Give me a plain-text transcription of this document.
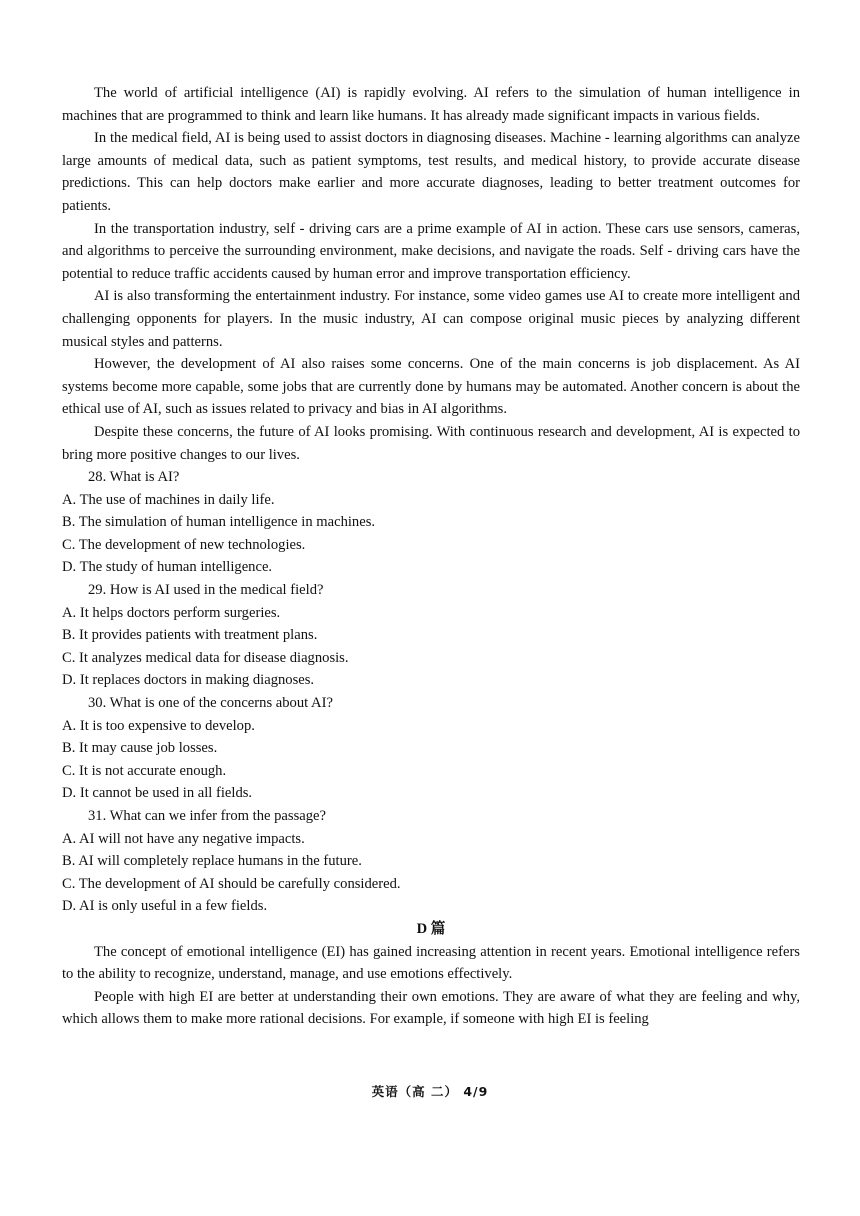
The world of artificial intelligence (AI) is rapidly evolving. AI refers to the simulation of human intelligence in machines that are programmed to think and learn like humans. It has already made significant impacts in various fields.

In the medical field, AI is being used to assist doctors in diagnosing diseases. Machine - learning algorithms can analyze large amounts of medical data, such as patient symptoms, test results, and medical history, to provide accurate disease predictions. This can help doctors make earlier and more accurate diagnoses, leading to better treatment outcomes for patients.

In the transportation industry, self - driving cars are a prime example of AI in action. These cars use sensors, cameras, and algorithms to perceive the surrounding environment, make decisions, and navigate the roads. Self - driving cars have the potential to reduce traffic accidents caused by human error and improve transportation efficiency.

AI is also transforming the entertainment industry. For instance, some video games use AI to create more intelligent and challenging opponents for players. In the music industry, AI can compose original music pieces by analyzing different musical styles and patterns.

However, the development of AI also raises some concerns. One of the main concerns is job displacement. As AI systems become more capable, some jobs that are currently done by humans may be automated. Another concern is about the ethical use of AI, such as issues related to privacy and bias in AI algorithms.

Despite these concerns, the future of AI looks promising. With continuous research and development, AI is expected to bring more positive changes to our lives.

28. What is AI?

A. The use of machines in daily life.

B. The simulation of human intelligence in machines.

C. The development of new technologies.

D. The study of human intelligence.

29. How is AI used in the medical field?

A. It helps doctors perform surgeries.

B. It provides patients with treatment plans.

C. It analyzes medical data for disease diagnosis.

D. It replaces doctors in making diagnoses.

30. What is one of the concerns about AI?

A. It is too expensive to develop.

B. It may cause job losses.

C. It is not accurate enough.

D. It cannot be used in all fields.

31. What can we infer from the passage?

A. AI will not have any negative impacts.

B. AI will completely replace humans in the future.

C. The development of AI should be carefully considered.

D. AI is only useful in a few fields.

D 篇

The concept of emotional intelligence (EI) has gained increasing attention in recent years. Emotional intelligence refers to the ability to recognize, understand, manage, and use emotions effectively.

People with high EI are better at understanding their own emotions. They are aware of what they are feeling and why, which allows them to make more rational decisions. For example, if someone with high EI is feeling

英语（高 二） 4/9
